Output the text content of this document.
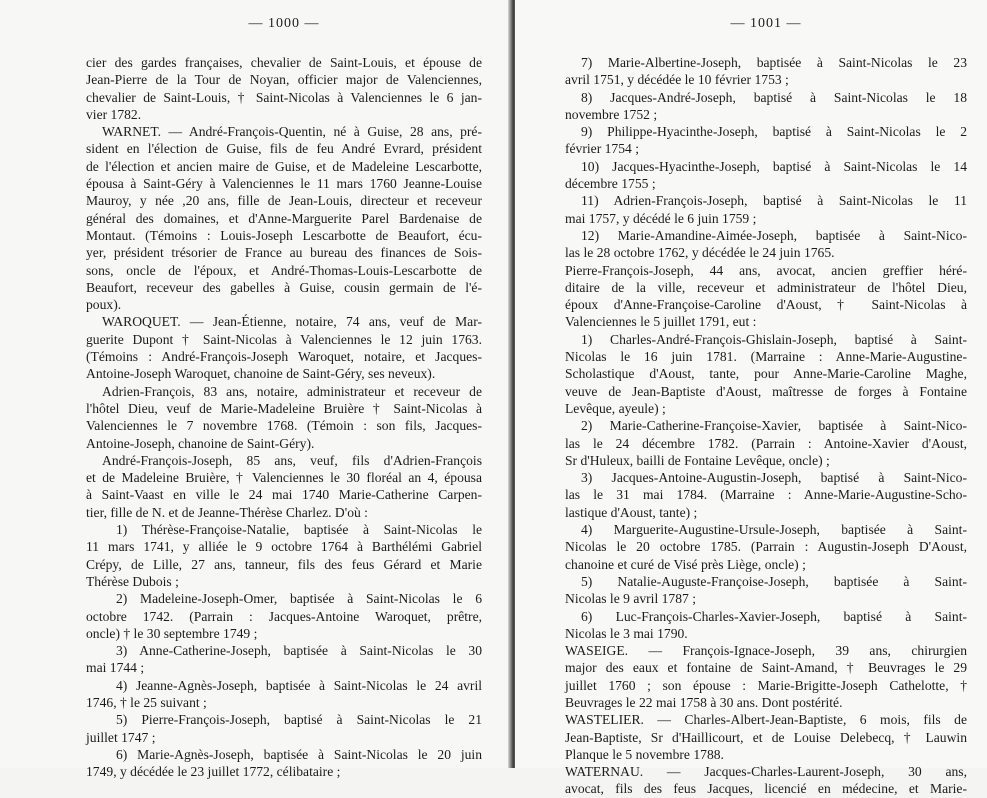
— 1000 —
cier des gardes françaises, chevalier de Saint-Louis, et épouse de
Jean-Pierre de la Tour de Noyan, officier major de Valenciennes,
chevalier de Saint-Louis, † Saint-Nicolas à Valenciennes le 6 jan-
vier 1782.
WARNET. — André-François-Quentin, né à Guise, 28 ans, pré-
sident en l'élection de Guise, fils de feu André Evrard, président
de l'élection et ancien maire de Guise, et de Madeleine Lescarbotte,
épousa à Saint-Géry à Valenciennes le 11 mars 1760 Jeanne-Louise
Mauroy, y née ,20 ans, fille de Jean-Louis, directeur et receveur
général des domaines, et d'Anne-Marguerite Parel Bardenaise de
Montaut. (Témoins : Louis-Joseph Lescarbotte de Beaufort, écu-
yer, président trésorier de France au bureau des finances de Sois-
sons, oncle de l'époux, et André-Thomas-Louis-Lescarbotte de
Beaufort, receveur des gabelles à Guise, cousin germain de l'é-
poux).
WAROQUET. — Jean-Étienne, notaire, 74 ans, veuf de Mar-
guerite Dupont † Saint-Nicolas à Valenciennes le 12 juin 1763.
(Témoins : André-François-Joseph Waroquet, notaire, et Jacques-
Antoine-Joseph Waroquet, chanoine de Saint-Géry, ses neveux).
Adrien-François, 83 ans, notaire, administrateur et receveur de
l'hôtel Dieu, veuf de Marie-Madeleine Bruière † Saint-Nicolas à
Valenciennes le 7 novembre 1768. (Témoin : son fils, Jacques-
Antoine-Joseph, chanoine de Saint-Géry).
André-François-Joseph, 85 ans, veuf, fils d'Adrien-François
et de Madeleine Bruière, † Valenciennes le 30 floréal an 4, épousa
à Saint-Vaast en ville le 24 mai 1740 Marie-Catherine Carpen-
tier, fille de N. et de Jeanne-Thérèse Charlez. D'où :
1) Thérèse-Françoise-Natalie, baptisée à Saint-Nicolas le
11 mars 1741, y alliée le 9 octobre 1764 à Barthélémi Gabriel
Crépy, de Lille, 27 ans, tanneur, fils des feus Gérard et Marie
Thérèse Dubois ;
2) Madeleine-Joseph-Omer, baptisée à Saint-Nicolas le 6
octobre 1742. (Parrain : Jacques-Antoine Waroquet, prêtre,
oncle) † le 30 septembre 1749 ;
3) Anne-Catherine-Joseph, baptisée à Saint-Nicolas le 30
mai 1744 ;
4) Jeanne-Agnès-Joseph, baptisée à Saint-Nicolas le 24 avril
1746, † le 25 suivant ;
5) Pierre-François-Joseph, baptisé à Saint-Nicolas le 21
juillet 1747 ;
6) Marie-Agnès-Joseph, baptisée à Saint-Nicolas le 20 juin
1749, y décédée le 23 juillet 1772, célibataire ;
— 1001 —
7) Marie-Albertine-Joseph, baptisée à Saint-Nicolas le 23
avril 1751, y décédée le 10 février 1753 ;
8) Jacques-André-Joseph, baptisé à Saint-Nicolas le 18
novembre 1752 ;
9) Philippe-Hyacinthe-Joseph, baptisé à Saint-Nicolas le 2
février 1754 ;
10) Jacques-Hyacinthe-Joseph, baptisé à Saint-Nicolas le 14
décembre 1755 ;
11) Adrien-François-Joseph, baptisé à Saint-Nicolas le 11
mai 1757, y décédé le 6 juin 1759 ;
12) Marie-Amandine-Aimée-Joseph, baptisée à Saint-Nico-
las le 28 octobre 1762, y décédée le 24 juin 1765.
Pierre-François-Joseph, 44 ans, avocat, ancien greffier héré-
ditaire de la ville, receveur et administrateur de l'hôtel Dieu,
époux d'Anne-Françoise-Caroline d'Aoust, † Saint-Nicolas à
Valenciennes le 5 juillet 1791, eut :
1) Charles-André-François-Ghislain-Joseph, baptisé à Saint-
Nicolas le 16 juin 1781. (Marraine : Anne-Marie-Augustine-
Scholastique d'Aoust, tante, pour Anne-Marie-Caroline Maghe,
veuve de Jean-Baptiste d'Aoust, maîtresse de forges à Fontaine
Levêque, ayeule) ;
2) Marie-Catherine-Françoise-Xavier, baptisée à Saint-Nico-
las le 24 décembre 1782. (Parrain : Antoine-Xavier d'Aoust,
Sr d'Huleux, bailli de Fontaine Levêque, oncle) ;
3) Jacques-Antoine-Augustin-Joseph, baptisé à Saint-Nico-
las le 31 mai 1784. (Marraine : Anne-Marie-Augustine-Scho-
lastique d'Aoust, tante) ;
4) Marguerite-Augustine-Ursule-Joseph, baptisée à Saint-
Nicolas le 20 octobre 1785. (Parrain : Augustin-Joseph D'Aoust,
chanoine et curé de Visé près Liège, oncle) ;
5) Natalie-Auguste-Françoise-Joseph, baptisée à Saint-
Nicolas le 9 avril 1787 ;
6) Luc-François-Charles-Xavier-Joseph, baptisé à Saint-
Nicolas le 3 mai 1790.
WASEIGE. — François-Ignace-Joseph, 39 ans, chirurgien
major des eaux et fontaine de Saint-Amand, † Beuvrages le 29
juillet 1760 ; son épouse : Marie-Brigitte-Joseph Cathelotte, †
Beuvrages le 22 mai 1758 à 30 ans. Dont postérité.
WASTELIER. — Charles-Albert-Jean-Baptiste, 6 mois, fils de
Jean-Baptiste, Sr d'Haillicourt, et de Louise Delebecq, † Lauwin
Planque le 5 novembre 1788.
WATERNAU. — Jacques-Charles-Laurent-Joseph, 30 ans,
avocat, fils des feus Jacques, licencié en médecine, et Marie-
